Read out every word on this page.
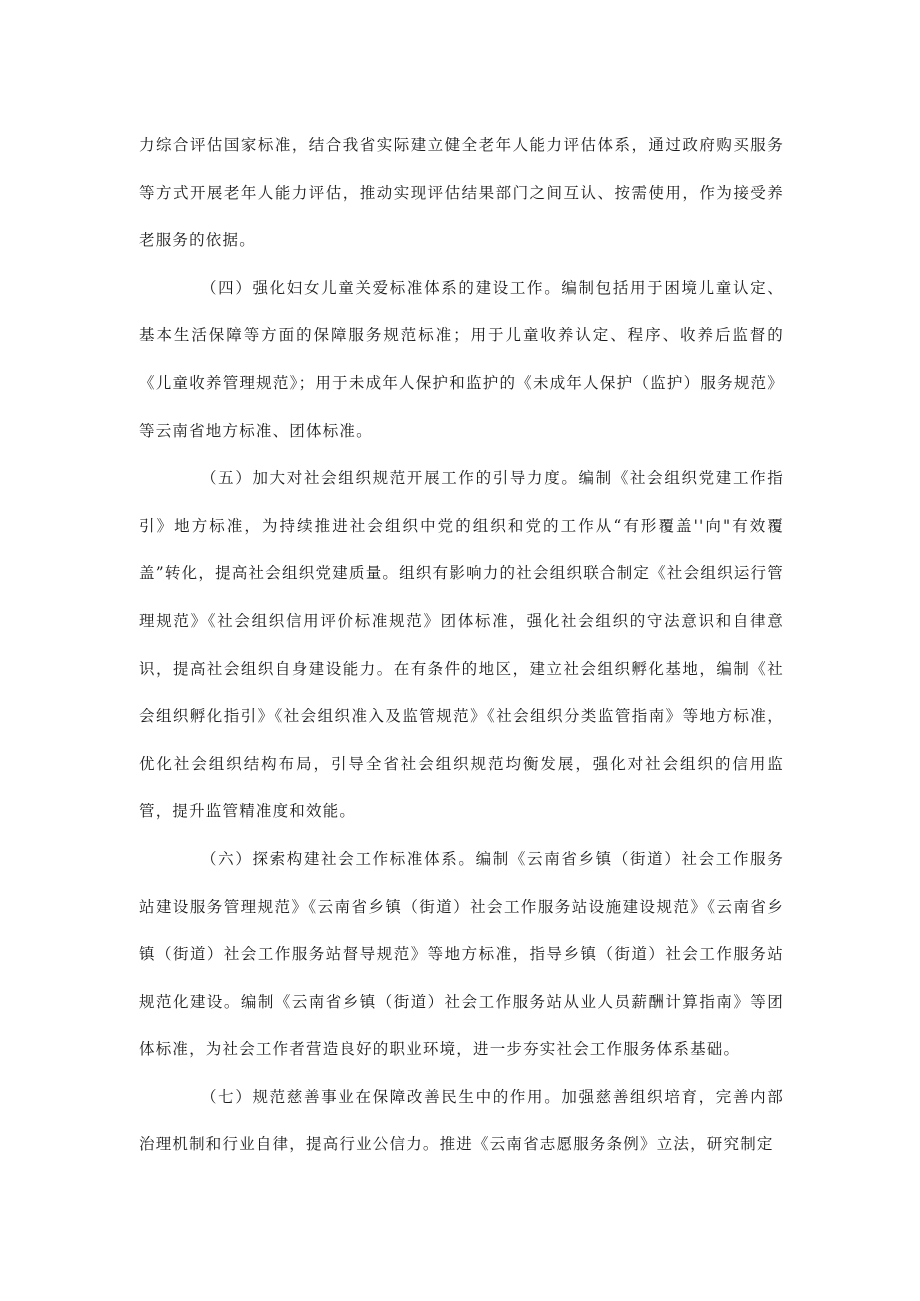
力综合评估国家标准，结合我省实际建立健全老年人能力评估体系，通过政府购买服务等方式开展老年人能力评估，推动实现评估结果部门之间互认、按需使用，作为接受养老服务的依据。

（四）强化妇女儿童关爱标准体系的建设工作。编制包括用于困境儿童认定、基本生活保障等方面的保障服务规范标准；用于儿童收养认定、程序、收养后监督的《儿童收养管理规范》；用于未成年人保护和监护的《未成年人保护（监护）服务规范》等云南省地方标准、团体标准。

（五）加大对社会组织规范开展工作的引导力度。编制《社会组织党建工作指引》地方标准，为持续推进社会组织中党的组织和党的工作从“有形覆盖''向"有效覆盖”转化，提高社会组织党建质量。组织有影响力的社会组织联合制定《社会组织运行管理规范》《社会组织信用评价标准规范》团体标准，强化社会组织的守法意识和自律意识，提高社会组织自身建设能力。在有条件的地区，建立社会组织孵化基地，编制《社会组织孵化指引》《社会组织准入及监管规范》《社会组织分类监管指南》等地方标准，优化社会组织结构布局，引导全省社会组织规范均衡发展，强化对社会组织的信用监管，提升监管精准度和效能。

（六）探索构建社会工作标准体系。编制《云南省乡镇（街道）社会工作服务站建设服务管理规范》《云南省乡镇（街道）社会工作服务站设施建设规范》《云南省乡镇（街道）社会工作服务站督导规范》等地方标准，指导乡镇（街道）社会工作服务站规范化建设。编制《云南省乡镇（街道）社会工作服务站从业人员薪酬计算指南》等团体标准，为社会工作者营造良好的职业环境，进一步夯实社会工作服务体系基础。

（七）规范慈善事业在保障改善民生中的作用。加强慈善组织培育，完善内部治理机制和行业自律，提高行业公信力。推进《云南省志愿服务条例》立法，研究制定
